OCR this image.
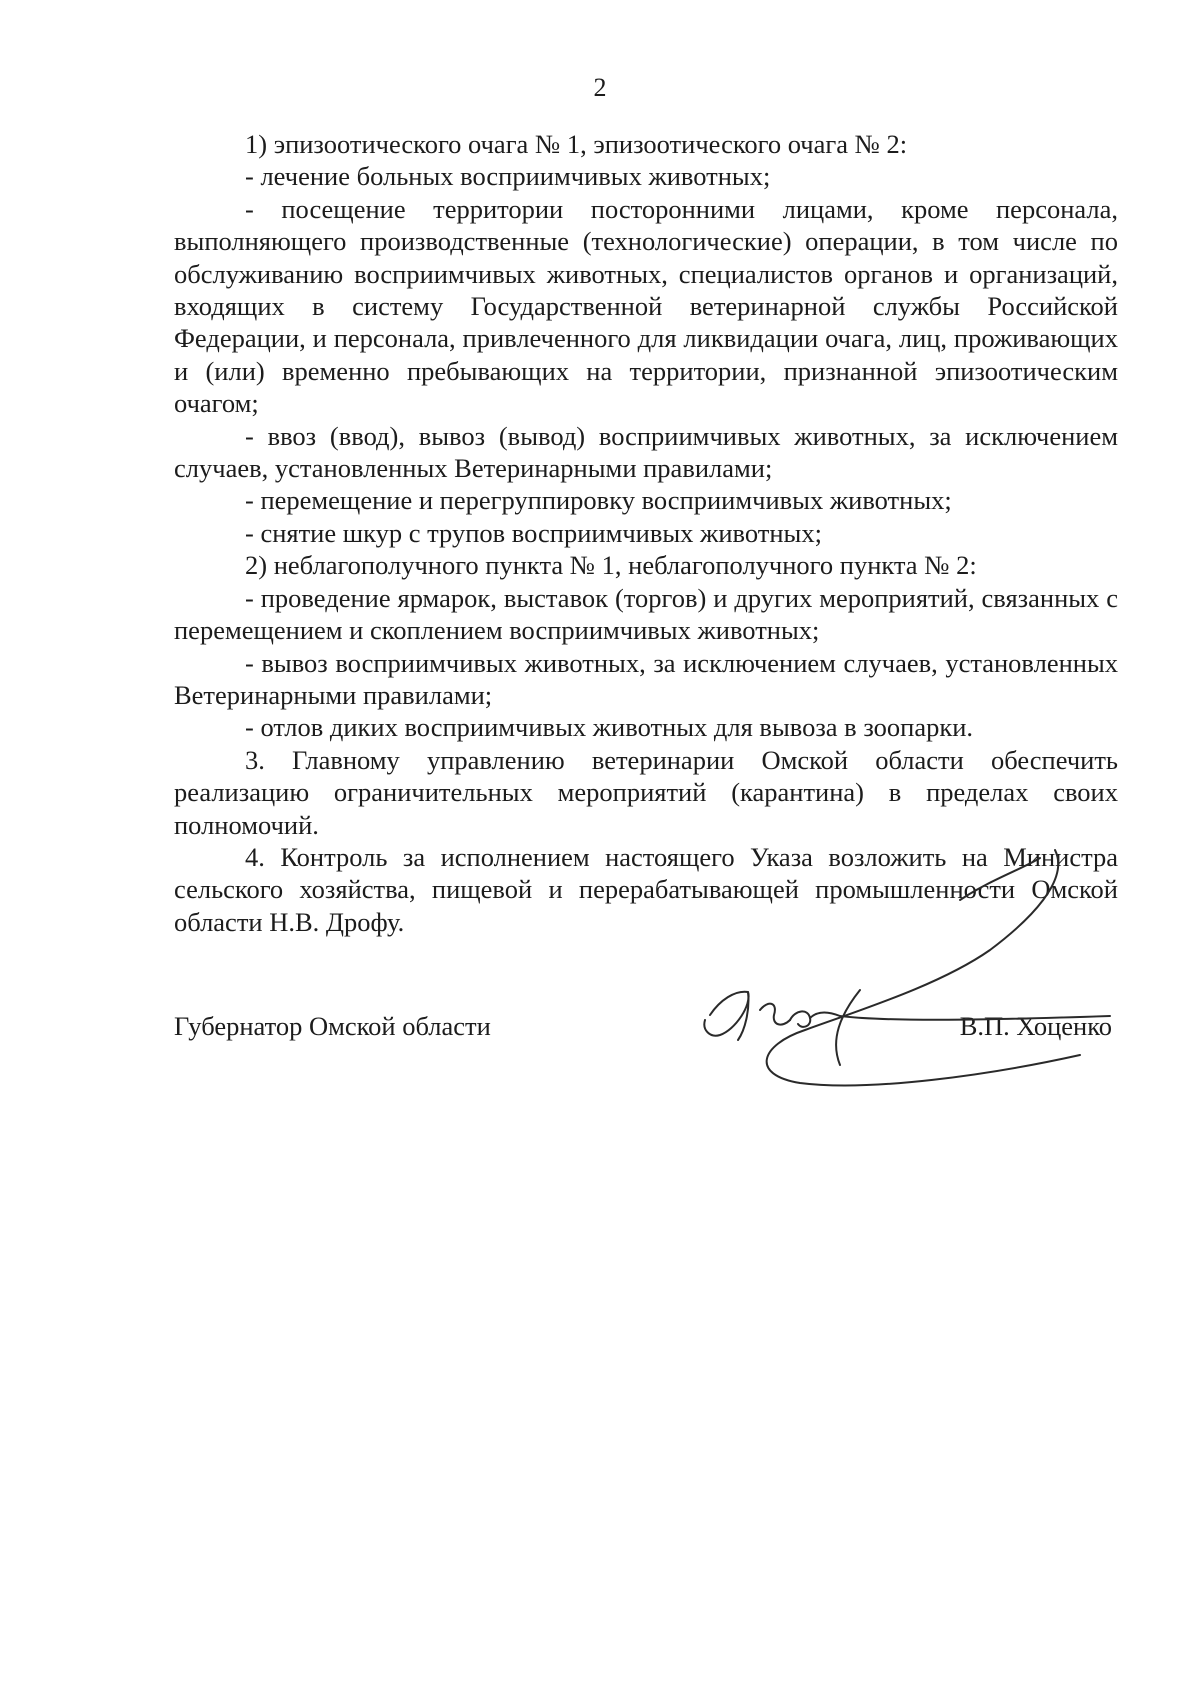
2

1) эпизоотического очага № 1, эпизоотического очага № 2:

- лечение больных восприимчивых животных;

- посещение территории посторонними лицами, кроме персонала, выполняющего производственные (технологические) операции, в том числе по обслуживанию восприимчивых животных, специалистов органов и организаций, входящих в систему Государственной ветеринарной службы Российской Федерации, и персонала, привлеченного для ликвидации очага, лиц, проживающих и (или) временно пребывающих на территории, признанной эпизоотическим очагом;

- ввоз (ввод), вывоз (вывод) восприимчивых животных, за исключением случаев, установленных Ветеринарными правилами;

- перемещение и перегруппировку восприимчивых животных;

- снятие шкур с трупов восприимчивых животных;

2) неблагополучного пункта № 1, неблагополучного пункта № 2:

- проведение ярмарок, выставок (торгов) и других мероприятий, связанных с перемещением и скоплением восприимчивых животных;

- вывоз восприимчивых животных, за исключением случаев, установленных Ветеринарными правилами;

- отлов диких восприимчивых животных для вывоза в зоопарки.

3. Главному управлению ветеринарии Омской области обеспечить реализацию ограничительных мероприятий (карантина) в пределах своих полномочий.

4. Контроль за исполнением настоящего Указа возложить на Министра сельского хозяйства, пищевой и перерабатывающей промышленности Омской области Н.В. Дрофу.

Губернатор Омской области	В.П. Хоценко
